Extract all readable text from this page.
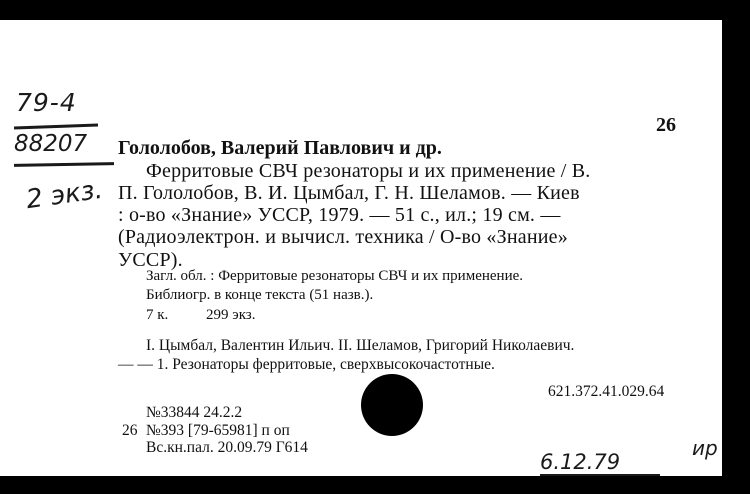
79-4
88207
2 экз.
26
Гололобов, Валерий Павлович и др.
Ферритовые СВЧ резонаторы и их применение / В.
П. Гололобов, В. И. Цымбал, Г. Н. Шеламов. — Киев
: о-во «Знание» УССР, 1979. — 51 с., ил.; 19 см. —
(Радиоэлектрон. и вычисл. техника / О-во «Знание»
УССР).
Загл. обл. : Ферритовые резонаторы СВЧ и их применение.
Библиогр. в конце текста (51 назв.).
7 к.	299 экз.
I. Цымбал, Валентин Ильич. II. Шеламов, Григорий Николаевич.
— — 1. Резонаторы ферритовые, сверхвысокочастотные.
621.372.41.029.64
№33844 24.2.2
26 №393 [79-65981] п оп
Вс.кн.пал. 20.09.79 Г614
6.12.79
ир
